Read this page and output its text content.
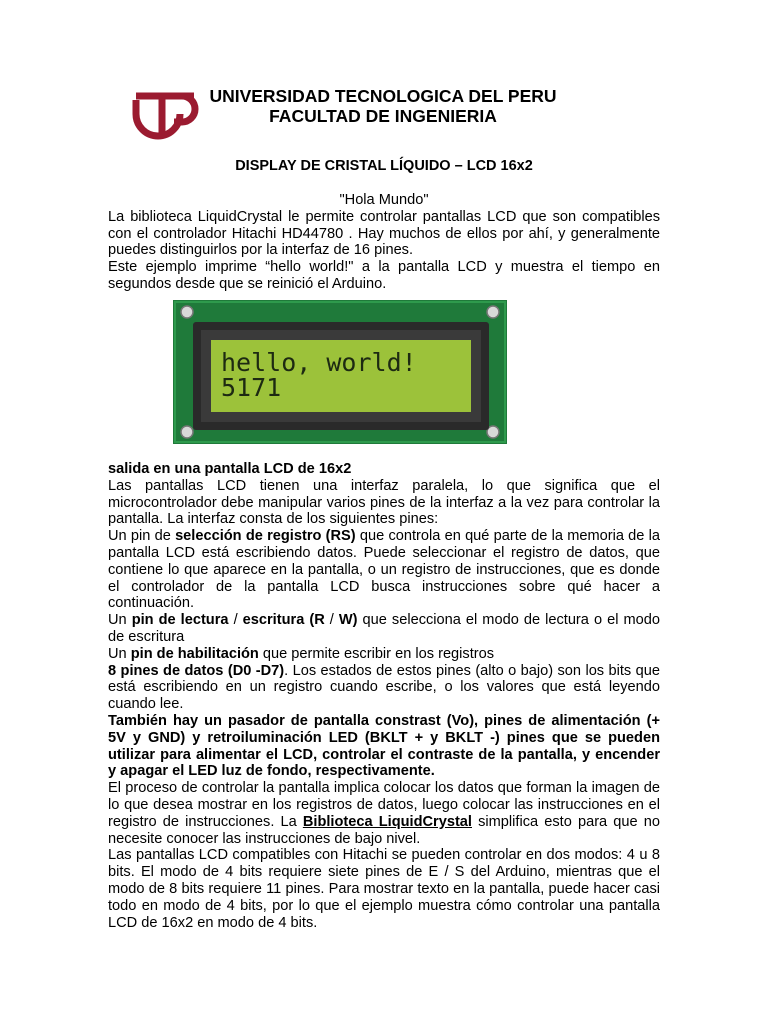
UNIVERSIDAD TECNOLOGICA DEL PERU
FACULTAD DE INGENIERIA
DISPLAY DE CRISTAL LÍQUIDO – LCD 16x2

"Hola Mundo"

La biblioteca LiquidCrystal le permite controlar pantallas LCD que son compatibles con el controlador Hitachi HD44780 . Hay muchos de ellos por ahí, y generalmente puedes distinguirlos por la interfaz de 16 pines.

Este ejemplo imprime “hello world!" a la pantalla LCD y muestra el tiempo en segundos desde que se reinició el Arduino.

hello, world!
5171

salida en una pantalla LCD de 16x2

Las pantallas LCD tienen una interfaz paralela, lo que significa que el microcontrolador debe manipular varios pines de la interfaz a la vez para controlar la pantalla. La interfaz consta de los siguientes pines:

Un pin de selección de registro (RS) que controla en qué parte de la memoria de la pantalla LCD está escribiendo datos. Puede seleccionar el registro de datos, que contiene lo que aparece en la pantalla, o un registro de instrucciones, que es donde el controlador de la pantalla LCD busca instrucciones sobre qué hacer a continuación.

Un pin de lectura / escritura (R / W) que selecciona el modo de lectura o el modo de escritura

Un pin de habilitación que permite escribir en los registros

8 pines de datos (D0 -D7). Los estados de estos pines (alto o bajo) son los bits que está escribiendo en un registro cuando escribe, o los valores que está leyendo cuando lee.

También hay un pasador de pantalla constrast (Vo), pines de alimentación (+ 5V y GND) y retroiluminación LED (BKLT + y BKLT -) pines que se pueden utilizar para alimentar el LCD, controlar el contraste de la pantalla, y encender y apagar el LED luz de fondo, respectivamente.

El proceso de controlar la pantalla implica colocar los datos que forman la imagen de lo que desea mostrar en los registros de datos, luego colocar las instrucciones en el registro de instrucciones. La Biblioteca LiquidCrystal simplifica esto para que no necesite conocer las instrucciones de bajo nivel.

Las pantallas LCD compatibles con Hitachi se pueden controlar en dos modos: 4 u 8 bits. El modo de 4 bits requiere siete pines de E / S del Arduino, mientras que el modo de 8 bits requiere 11 pines. Para mostrar texto en la pantalla, puede hacer casi todo en modo de 4 bits, por lo que el ejemplo muestra cómo controlar una pantalla LCD de 16x2 en modo de 4 bits.
